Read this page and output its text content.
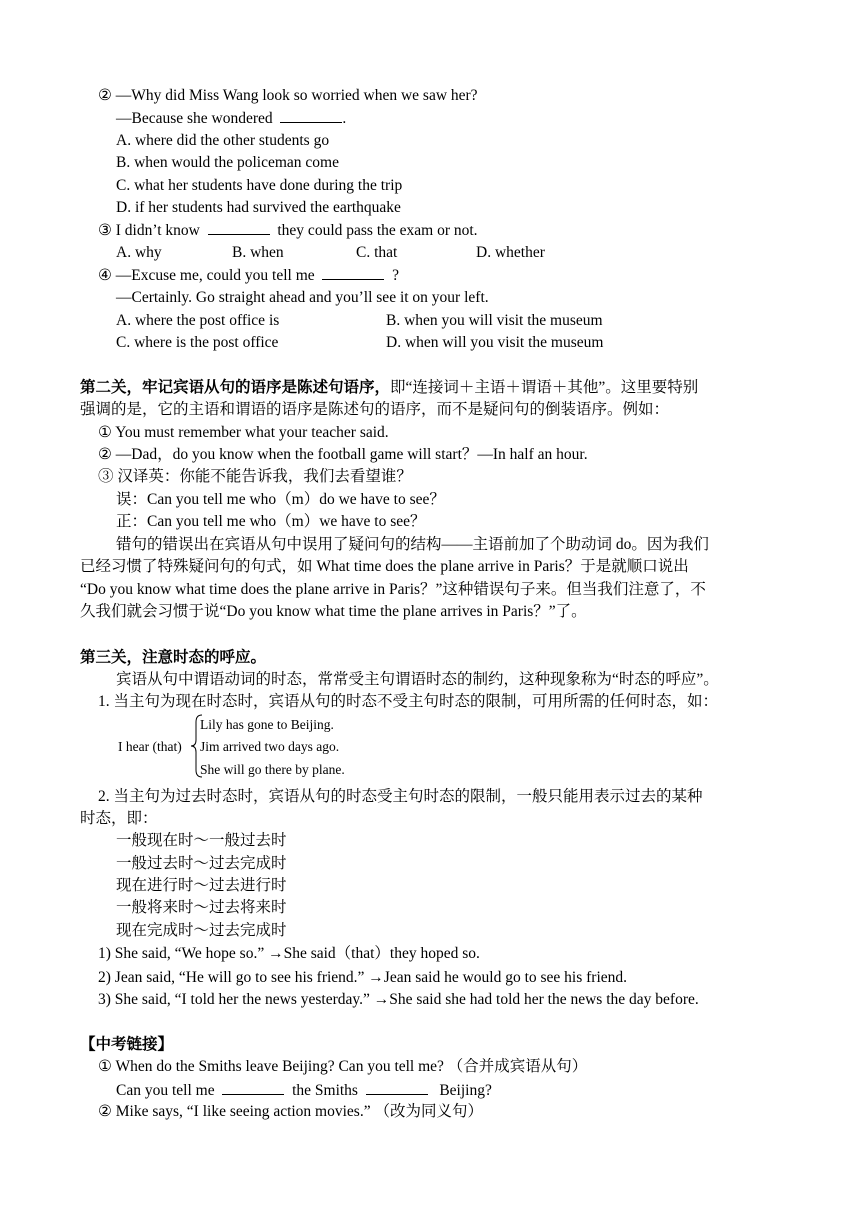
② —Why did Miss Wang look so worried when we saw her?

—Because she wondered	.

A. where did the other students go

B. when would the policeman come

C. what her students have done during the trip

D. if her students had survived the earthquake

③ I didn’t know	they could pass the exam or not.

A. why	B. when	C. that	D. whether

④ —Excuse me, could you tell me	?

—Certainly. Go straight ahead and you’ll see it on your left.

A. where the post office is	B. when you will visit the museum

C. where is the post office	D. when will you visit the museum

第二关，牢记宾语从句的语序是陈述句语序，即“连接词＋主语＋谓语＋其他”。这里要特别

强调的是，它的主语和谓语的语序是陈述句的语序，而不是疑问句的倒装语序。例如：

① You must remember what your teacher said.

② —Dad，do you know when the football game will start？—In half an hour.

③ 汉译英：你能不能告诉我，我们去看望谁？

误：Can you tell me who（m）do we have to see？

正：Can you tell me who（m）we have to see？

错句的错误出在宾语从句中误用了疑问句的结构——主语前加了个助动词 do。因为我们

已经习惯了特殊疑问句的句式，如 What time does the plane arrive in Paris？于是就顺口说出

“Do you know what time does the plane arrive in Paris？”这种错误句子来。但当我们注意了，不

久我们就会习惯于说“Do you know what time the plane arrives in Paris？”了。

第三关，注意时态的呼应。

宾语从句中谓语动词的时态，常常受主句谓语时态的制约，这种现象称为“时态的呼应”。

1. 当主句为现在时态时，宾语从句的时态不受主句时态的限制，可用所需的任何时态，如：

I hear (that)

Lily has gone to Beijing.

Jim arrived two days ago.

She will go there by plane.

2. 当主句为过去时态时，宾语从句的时态受主句时态的限制，一般只能用表示过去的某种

时态，即：

一般现在时～一般过去时

一般过去时～过去完成时

现在进行时～过去进行时

一般将来时～过去将来时

现在完成时～过去完成时

1) She said, “We hope so.” →She said（that）they hoped so.

2) Jean said, “He will go to see his friend.” →Jean said he would go to see his friend.

3) She said, “I told her the news yesterday.” →She said she had told her the news the day before.

【中考链接】

① When do the Smiths leave Beijing? Can you tell me? （合并成宾语从句）

Can you tell me	the Smiths	Beijing?

② Mike says, “I like seeing action movies.” （改为同义句）
